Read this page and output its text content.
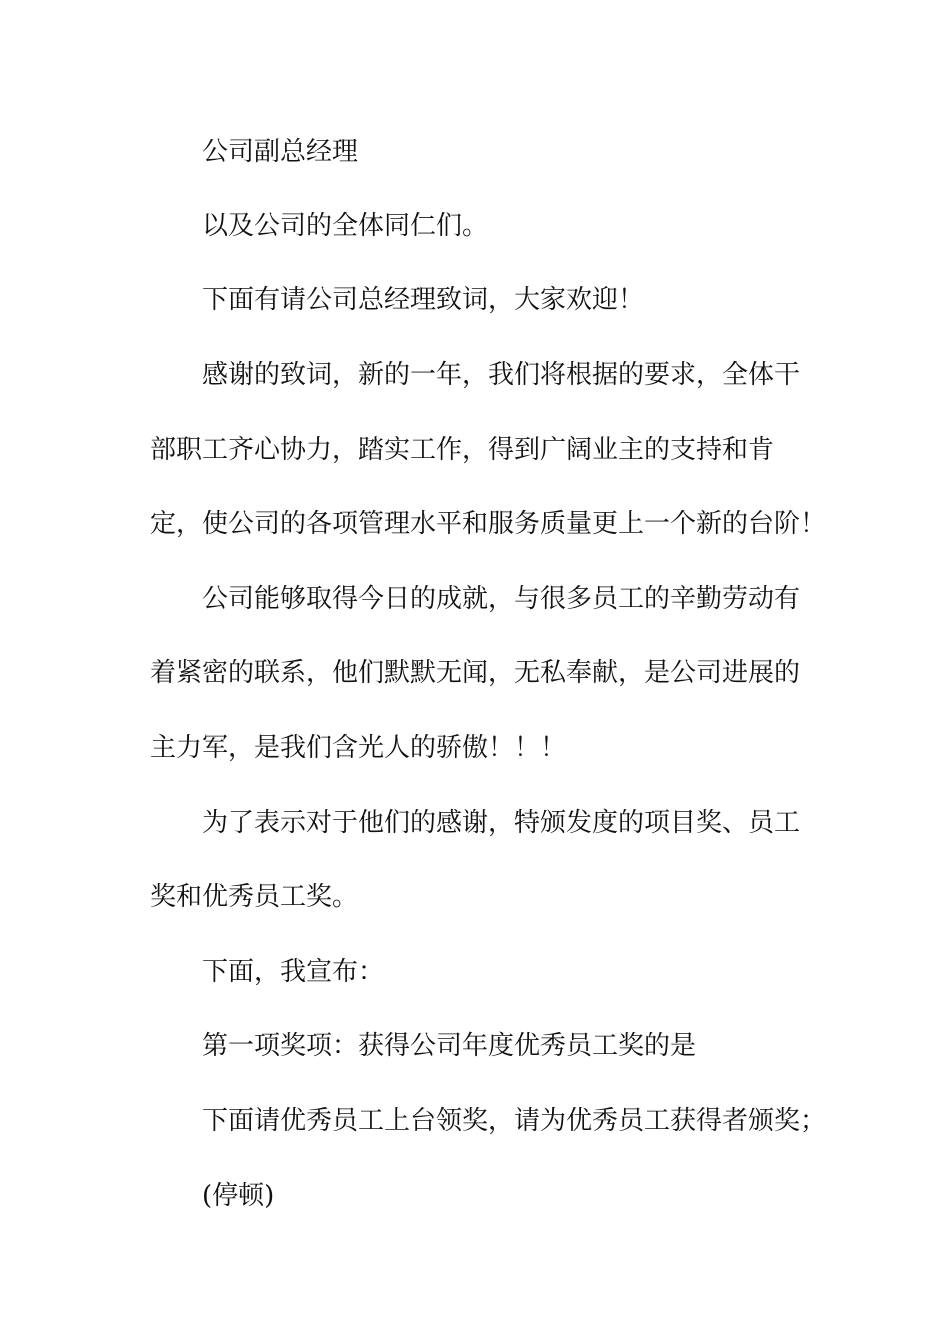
公司副总经理
以及公司的全体同仁们。
下面有请公司总经理致词，大家欢迎！
感谢的致词，新的一年，我们将根据的要求，全体干
部职工齐心协力，踏实工作，得到广阔业主的支持和肯
定，使公司的各项管理水平和服务质量更上一个新的台阶！
公司能够取得今日的成就，与很多员工的辛勤劳动有
着紧密的联系，他们默默无闻，无私奉献，是公司进展的
主力军，是我们含光人的骄傲！！！
为了表示对于他们的感谢，特颁发度的项目奖、员工
奖和优秀员工奖。
下面，我宣布：
第一项奖项：获得公司年度优秀员工奖的是
下面请优秀员工上台领奖，请为优秀员工获得者颁奖；
(停顿)
